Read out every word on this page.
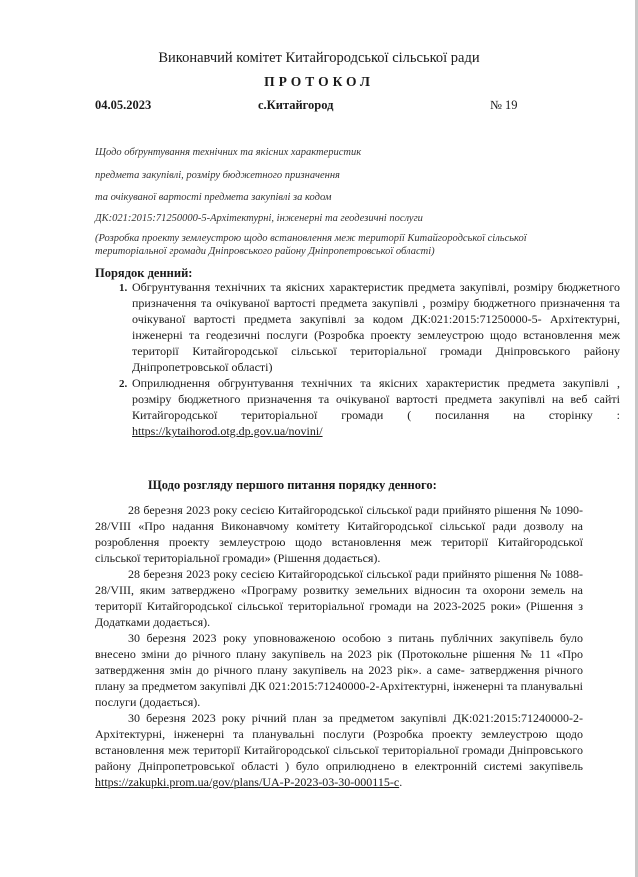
Виконавчий комітет Китайгородської сільської ради
ПРОТОКОЛ
04.05.2023	с.Китайгород	№ 19
Щодо обґрунтування технічних та якісних характеристик
предмета закупівлі, розміру бюджетного призначення
та очікуваної вартості предмета закупівлі за кодом
ДК:021:2015:71250000-5-Архітектурні, інженерні та геодезичні послуги
(Розробка проекту землеустрою щодо встановлення меж території Китайгородської сільської територіальної громади Дніпровського району Дніпропетровської області)
Порядок денний:
1. Обгрунтування технічних та якісних характеристик предмета закупівлі, розміру бюджетного призначення та очікуваної вартості предмета закупівлі , розміру бюджетного призначення та очікуваної вартості предмета закупівлі за кодом ДК:021:2015:71250000-5- Архітектурні, інженерні та геодезичні послуги (Розробка проекту землеустрою щодо встановлення меж території Китайгородської сільської територіальної громади Дніпровського району Дніпропетровської області)
2. Оприлюднення обгрунтування технічних та якісних характеристик предмета закупівлі , розміру бюджетного призначення та очікуваної вартості предмета закупівлі на веб сайті Китайгородської територіальної громади ( посилання на сторінку : https://kytaihorod.otg.dp.gov.ua/novini/
Щодо розгляду першого питання порядку денного:

28 березня 2023 року сесією Китайгородської сільської ради прийнято рішення № 1090-28/VIII «Про надання Виконавчому комітету Китайгородської сільської ради дозволу на розроблення проекту землеустрою щодо встановлення меж території Китайгородської сільської територіальної громади» (Рішення додається).

28 березня 2023 року сесією Китайгородської сільської ради прийнято рішення № 1088-28/VIII, яким затверджено «Програму розвитку земельних відносин та охорони земель на території Китайгородської сільської територіальної громади на 2023-2025 роки» (Рішення з Додатками додається).

30 березня 2023 року уповноваженою особою з питань публічних закупівель було внесено зміни до річного плану закупівель на 2023 рік (Протокольне рішення № 11 «Про затвердження змін до річного плану закупівель на 2023 рік». а саме- затвердження річного плану за предметом закупівлі ДК 021:2015:71240000-2-Архітектурні, інженерні та планувальні послуги (додається).

30 березня 2023 року річний план за предметом закупівлі ДК:021:2015:71240000-2-Архітектурні, інженерні та планувальні послуги (Розробка проекту землеустрою щодо встановлення меж території Китайгородської сільської територіальної громади Дніпровського району Дніпропетровської області ) було оприлюднено в електронній системі закупівель https://zakupki.prom.ua/gov/plans/UA-P-2023-03-30-000115-c.
